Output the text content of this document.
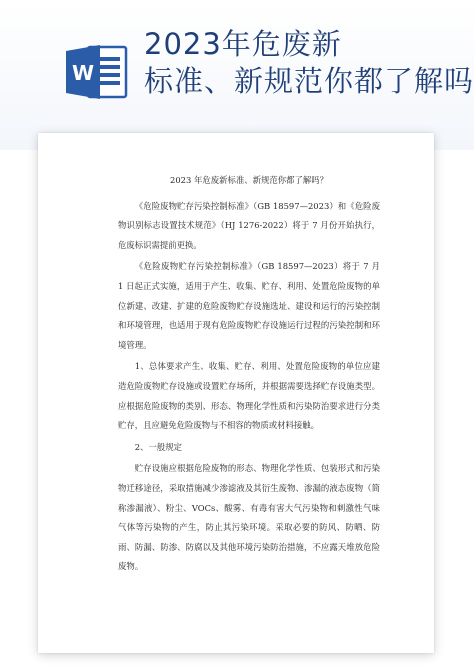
W
2023年危废新
标准、新规范你都了解吗
2023 年危废新标准、新规范你都了解吗？

《危险废物贮存污染控制标准》（GB 18597—2023）和《危险废物识别标志设置技术规范》（HJ 1276-2022）将于 7 月份开始执行，危废标识需提前更换。

《危险废物贮存污染控制标准》（GB 18597—2023）将于 7 月 1 日起正式实施，适用于产生、收集、贮存、利用、处置危险废物的单位新建、改建、扩建的危险废物贮存设施选址、建设和运行的污染控制和环境管理，也适用于现有危险废物贮存设施运行过程的污染控制和环境管理。

1、总体要求产生、收集、贮存、利用、处置危险废物的单位应建造危险废物贮存设施或设置贮存场所，并根据需要选择贮存设施类型。应根据危险废物的类别、形态、物理化学性质和污染防治要求进行分类贮存，且应避免危险废物与不相容的物质或材料接触。

2、一般规定

贮存设施应根据危险废物的形态、物理化学性质、包装形式和污染物迁移途径，采取措施减少渗滤液及其衍生废物、渗漏的液态废物（简称渗漏液）、粉尘、VOCs、酸雾、有毒有害大气污染物和刺激性气味气体等污染物的产生，防止其污染环境。采取必要的防风、防晒、防雨、防漏、防渗、防腐以及其他环境污染防治措施，不应露天堆放危险废物。
